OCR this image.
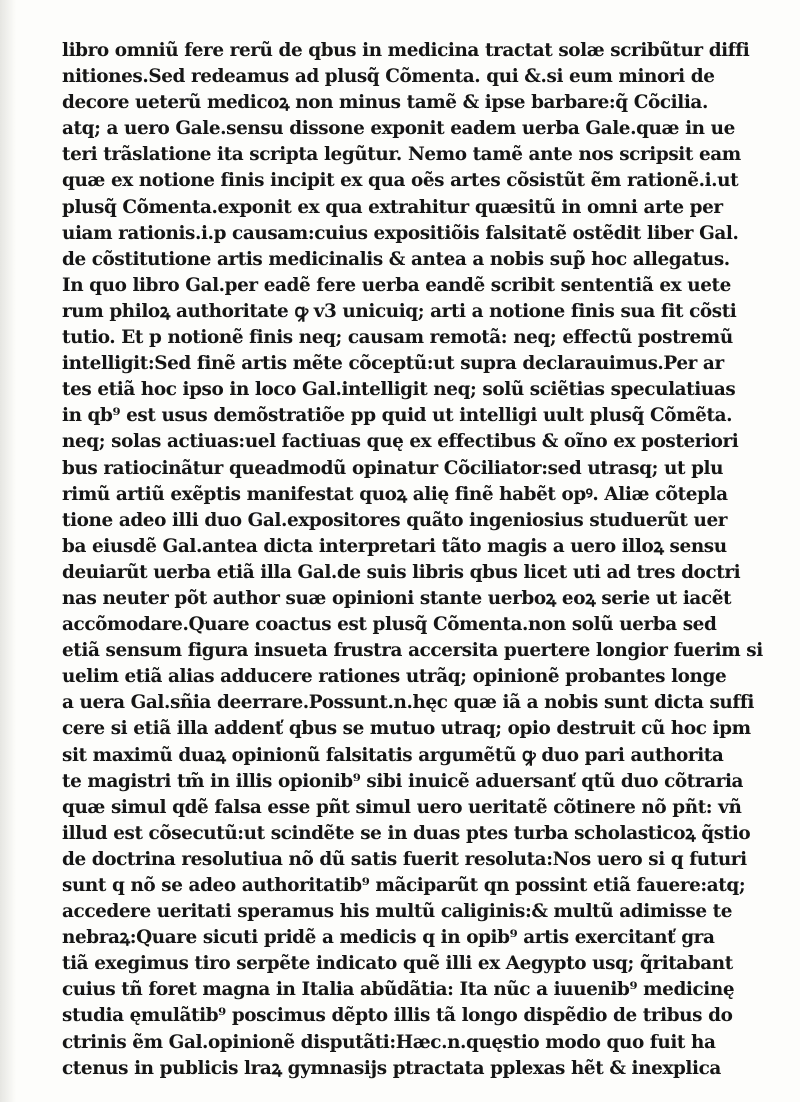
libro omniũ fere rerũ de qbus in medicina tractat solæ scribũtur diffi
nitiones.Sed redeamus ad plusq̃ Cõmenta. qui &.si eum minori de
decore ueterũ medicoꝝ non minus tamẽ & ipse barbare:q̃ Cõcilia.
atq; a uero Gale.sensu dissone exponit eadem uerba Gale.quæ in ue
teri trãslatione ita scripta legũtur. Nemo tamẽ ante nos scripsit eam
quæ ex notione finis incipit ex qua oẽs artes cõsistũt ẽm rationẽ.i.ut
plusq̃ Cõmenta.exponit ex qua extrahitur quæsitũ in omni arte per
uiam rationis.i.p causam:cuius expositiõis falsitatẽ ostẽdit liber Gal.
de cõstitutione artis medicinalis & antea a nobis sup̃ hoc allegatus.
In quo libro Gal.per eadẽ fere uerba eandẽ scribit sententiã ex uete
rum philoꝝ authoritate ꝙ v3 unicuiq; arti a notione finis sua fit cõsti
tutio. Et p notionẽ finis neq; causam remotã: neq; effectũ postremũ
intelligit:Sed finẽ artis mẽte cõceptũ:ut supra declarauimus.Per ar
tes etiã hoc ipso in loco Gal.intelligit neq; solũ sciẽtias speculatiuas
in qb⁹ est usus demõstratiõe pp quid ut intelligi uult plusq̃ Cõmẽta.
neq; solas actiuas:uel factiuas quę ex effectibus & oĩno ex posteriori
bus ratiocinãtur queadmodũ opinatur Cõciliator:sed utrasq; ut plu
rimũ artiũ exẽptis manifestat quoꝝ alię finẽ habẽt opꝰ. Aliæ cõtepla
tione adeo illi duo Gal.expositores quãto ingeniosius studuerũt uer
ba eiusdẽ Gal.antea dicta interpretari tãto magis a uero illoꝝ sensu
deuiarũt uerba etiã illa Gal.de suis libris qbus licet uti ad tres doctri
nas neuter põt author suæ opinioni stante uerboꝝ eoꝝ serie ut iacẽt
accõmodare.Quare coactus est plusq̃ Cõmenta.non solũ uerba sed
etiã sensum figura insueta frustra accersita puertere longior fuerim si
uelim etiã alias adducere rationes utrãq; opinionẽ probantes longe
a uera Gal.sñia deerrare.Possunt.n.hęc quæ iã a nobis sunt dicta suffi
cere si etiã illa addenť qbus se mutuo utraq; opio destruit cũ hoc ipm
sit maximũ duaꝝ opinionũ falsitatis argumẽtũ ꝙ duo pari authorita
te magistri tm̃ in illis opionib⁹ sibi inuicẽ aduersanť qtũ duo cõtraria
quæ simul qdẽ falsa esse pñt simul uero ueritatẽ cõtinere nõ pñt: vñ
illud est cõsecutũ:ut scindẽte se in duas ptes turba scholasticoꝝ q̃stio
de doctrina resolutiua nõ dũ satis fuerit resoluta:Nos uero si q futuri
sunt q nõ se adeo authoritatib⁹ mãciparũt qn possint etiã fauere:atq;
accedere ueritati speramus his multũ caliginis:& multũ adimisse te
nebraꝝ:Quare sicuti pridẽ a medicis q in opib⁹ artis exercitanť gra
tiã exegimus tiro serpẽte indicato quẽ illi ex Aegypto usq; q̃ritabant
cuius tñ foret magna in Italia abũdãtia: Ita nũc a iuuenib⁹ medicinę
studia ęmulãtib⁹ poscimus dẽpto illis tã longo dispẽdio de tribus do
ctrinis ẽm Gal.opinionẽ disputãti:Hæc.n.quęstio modo quo fuit ha
ctenus in publicis lraꝝ gymnasijs ptractata pplexas hẽt & inexplica
